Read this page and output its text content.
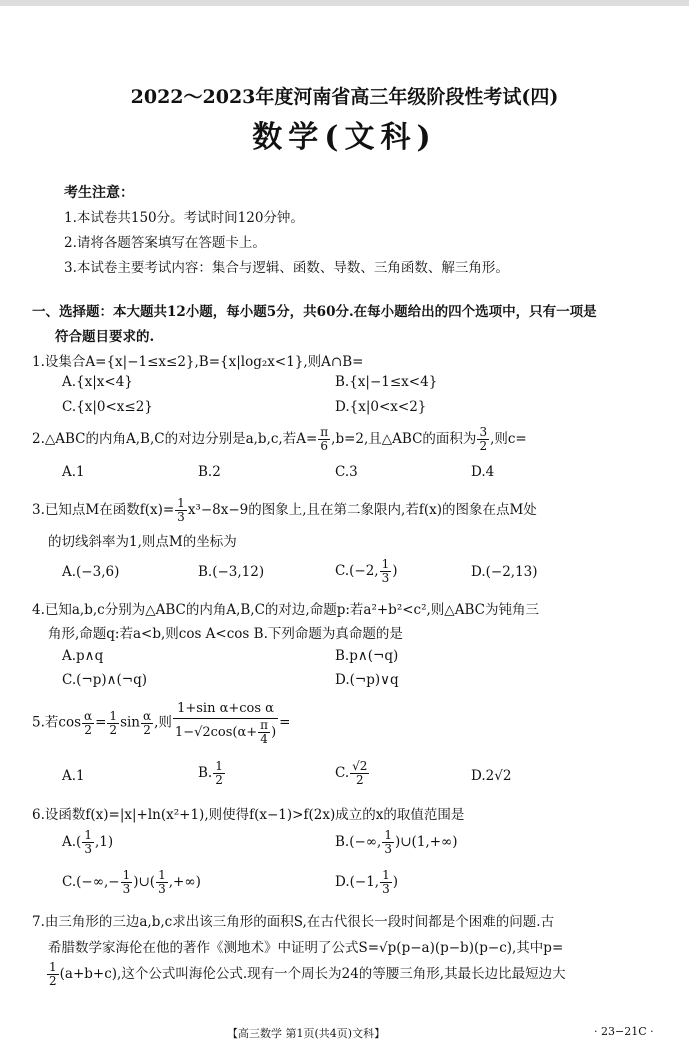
2022～2023年度河南省高三年级阶段性考试(四)
数学(文科)
考生注意：
1.本试卷共150分。考试时间120分钟。
2.请将各题答案填写在答题卡上。
3.本试卷主要考试内容：集合与逻辑、函数、导数、三角函数、解三角形。
一、选择题：本大题共12小题，每小题5分，共60分.在每小题给出的四个选项中，只有一项是
符合题目要求的.
1.设集合A={x|−1≤x≤2},B={x|log₂x<1},则A∩B=
A.{x|x<4}	B.{x|−1≤x<4}
C.{x|0<x≤2}	D.{x|0<x<2}
2.△ABC的内角A,B,C的对边分别是a,b,c,若$A= \frac{\pi}{6} ,b=2$,且△ABC的面积为 $\frac{3}{2}$ ,则c=
A.1	B.2	C.3	D.4
3.已知点M在函数$f(x)= \frac{1}{3} x^3-8x-9$的图象上,且在第二象限内,若f(x)的图象在点M处
的切线斜率为1,则点M的坐标为
A.(−3,6)	B.(−3,12)	C.(−2, $\frac{1}{3}$ )	D.(−2,13)
4.已知a,b,c分别为△ABC的内角A,B,C的对边,命题p:若a²+b²<c²,则△ABC为钝角三
角形,命题q:若a<b,则cos A<cos B.下列命题为真命题的是
A.p∧q	B.p∧(¬q)
C.(¬p)∧(¬q)	D.(¬p)∨q
5.若$\cos \frac{\alpha}{2} = \frac{1}{2}$ $\sin \frac{\alpha}{2}$ ,则 $\frac{\text{1+sin α+cos α}}{1-√2\cos(\alpha+ \frac{\pi}{4} )}$ =
A.1	B. $\frac{1}{2}$	C. $\frac{√2}{2}$	D.2√2
6.设函数f(x)=|x|+ln(x²+1),则使得f(x−1)>f(2x)成立的x的取值范围是
$A.( \frac{1}{3} ,1)$	B.(−∞, $\frac{1}{3}$ )∪(1,+∞)
$C.(-\infty,- \frac{1}{3}$ )∪( $\frac{1}{3}$ ,+∞)	D.(−1, $\frac{1}{3}$ )
7.由三角形的三边a,b,c求出该三角形的面积S,在古代很长一段时间都是个困难的问题.古
希腊数学家海伦在他的著作《测地术》中证明了公式S=√p(p−a)(p−b)(p−c),其中p=
$\frac{1}{2} (a+b+c)$,这个公式叫海伦公式.现有一个周长为24的等腰三角形,其最长边比最短边大
【高三数学 第1页(共4页)文科】	· 23−21C ·
